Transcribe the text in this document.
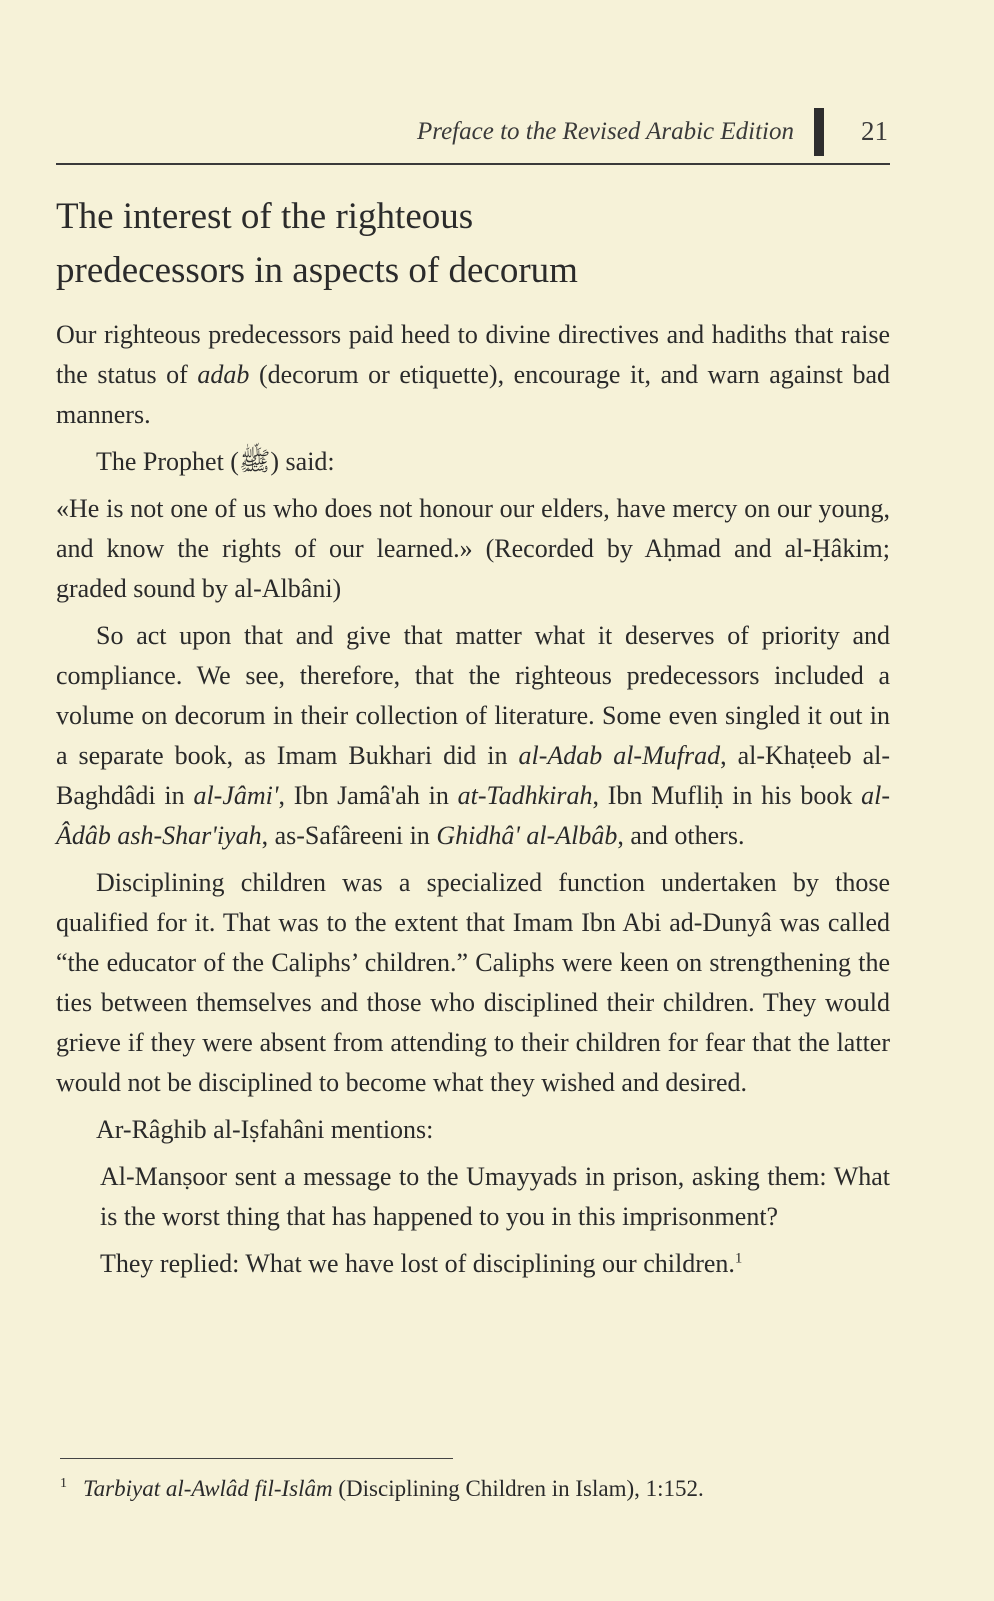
Preface to the Revised Arabic Edition 21
The interest of the righteous
predecessors in aspects of decorum

Our righteous predecessors paid heed to divine directives and hadiths that raise the status of adab (decorum or etiquette), encourage it, and warn against bad manners.

The Prophet (ﷺ) said:

«He is not one of us who does not honour our elders, have mercy on our young, and know the rights of our learned.» (Recorded by Aḥmad and al-Ḥâkim; graded sound by al-Albâni)

So act upon that and give that matter what it deserves of priority and compliance. We see, therefore, that the righteous predecessors included a volume on decorum in their collection of literature. Some even singled it out in a separate book, as Imam Bukhari did in al-Adab al-Mufrad, al-Khaṭeeb al-Baghdâdi in al-Jâmi', Ibn Jamâ'ah in at-Tadhkirah, Ibn Mufliḥ in his book al-Âdâb ash-Shar'iyah, as-Safâreeni in Ghidhâ' al-Albâb, and others.

Disciplining children was a specialized function undertaken by those qualified for it. That was to the extent that Imam Ibn Abi ad-Dunyâ was called “the educator of the Caliphs’ children.” Caliphs were keen on strengthening the ties between themselves and those who disciplined their children. They would grieve if they were absent from attending to their children for fear that the latter would not be disciplined to become what they wished and desired.

Ar-Râghib al-Iṣfahâni mentions:

Al-Manṣoor sent a message to the Umayyads in prison, asking them: What is the worst thing that has happened to you in this imprisonment?

They replied: What we have lost of disciplining our children.$^1$

$^1$ Tarbiyat al-Awlâd fil-Islâm (Disciplining Children in Islam), 1:152.
